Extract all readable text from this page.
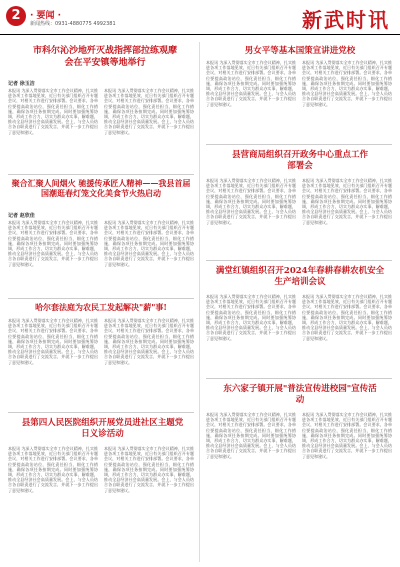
2	· 要闻 ·
新闻热线：0931-4880775 4992381	新武时讯
市科尔沁沙地歼灭战指挥部拉练观摩会在平安镇等地举行
记者 徐玉洁
本报讯 为深入贯彻落实全市工作会议精神，扎实推进各项工作落地见效，近日有关部门组织召开专题会议，对相关工作进行安排部署。会议要求，各单位要提高政治站位，强化责任担当，细化工作措施，确保各项任务按期完成。同时要加强统筹协调，形成工作合力，切实为群众办实事、解难题，推动全县经济社会高质量发展。会上，与会人员结合各自职责进行了交流发言，并就下一步工作提出了意见和建议。
本报讯 为深入贯彻落实全市工作会议精神，扎实推进各项工作落地见效，近日有关部门组织召开专题会议，对相关工作进行安排部署。会议要求，各单位要提高政治站位，强化责任担当，细化工作措施，确保各项任务按期完成。同时要加强统筹协调，形成工作合力，切实为群众办实事、解难题，推动全县经济社会高质量发展。会上，与会人员结合各自职责进行了交流发言，并就下一步工作提出了意见和建议。
聚合汇聚人间烟火 驰援传承匠人精神——我县首届国潮逛春灯笼文化美食节火热启动
记者 赵欣佳
本报讯 为深入贯彻落实全市工作会议精神，扎实推进各项工作落地见效，近日有关部门组织召开专题会议，对相关工作进行安排部署。会议要求，各单位要提高政治站位，强化责任担当，细化工作措施，确保各项任务按期完成。同时要加强统筹协调，形成工作合力，切实为群众办实事、解难题，推动全县经济社会高质量发展。会上，与会人员结合各自职责进行了交流发言，并就下一步工作提出了意见和建议。
本报讯 为深入贯彻落实全市工作会议精神，扎实推进各项工作落地见效，近日有关部门组织召开专题会议，对相关工作进行安排部署。会议要求，各单位要提高政治站位，强化责任担当，细化工作措施，确保各项任务按期完成。同时要加强统筹协调，形成工作合力，切实为群众办实事、解难题，推动全县经济社会高质量发展。会上，与会人员结合各自职责进行了交流发言，并就下一步工作提出了意见和建议。
哈尔套法庭为农民工发起解决"薪"事!
本报讯 为深入贯彻落实全市工作会议精神，扎实推进各项工作落地见效，近日有关部门组织召开专题会议，对相关工作进行安排部署。会议要求，各单位要提高政治站位，强化责任担当，细化工作措施，确保各项任务按期完成。同时要加强统筹协调，形成工作合力，切实为群众办实事、解难题，推动全县经济社会高质量发展。会上，与会人员结合各自职责进行了交流发言，并就下一步工作提出了意见和建议。
本报讯 为深入贯彻落实全市工作会议精神，扎实推进各项工作落地见效，近日有关部门组织召开专题会议，对相关工作进行安排部署。会议要求，各单位要提高政治站位，强化责任担当，细化工作措施，确保各项任务按期完成。同时要加强统筹协调，形成工作合力，切实为群众办实事、解难题，推动全县经济社会高质量发展。会上，与会人员结合各自职责进行了交流发言，并就下一步工作提出了意见和建议。
县第四人民医院组织开展党员进社区主题党日义诊活动
本报讯 为深入贯彻落实全市工作会议精神，扎实推进各项工作落地见效，近日有关部门组织召开专题会议，对相关工作进行安排部署。会议要求，各单位要提高政治站位，强化责任担当，细化工作措施，确保各项任务按期完成。同时要加强统筹协调，形成工作合力，切实为群众办实事、解难题，推动全县经济社会高质量发展。会上，与会人员结合各自职责进行了交流发言，并就下一步工作提出了意见和建议。
本报讯 为深入贯彻落实全市工作会议精神，扎实推进各项工作落地见效，近日有关部门组织召开专题会议，对相关工作进行安排部署。会议要求，各单位要提高政治站位，强化责任担当，细化工作措施，确保各项任务按期完成。同时要加强统筹协调，形成工作合力，切实为群众办实事、解难题，推动全县经济社会高质量发展。会上，与会人员结合各自职责进行了交流发言，并就下一步工作提出了意见和建议。
男女平等基本国策宣讲进党校
本报讯 为深入贯彻落实全市工作会议精神，扎实推进各项工作落地见效，近日有关部门组织召开专题会议，对相关工作进行安排部署。会议要求，各单位要提高政治站位，强化责任担当，细化工作措施，确保各项任务按期完成。同时要加强统筹协调，形成工作合力，切实为群众办实事、解难题，推动全县经济社会高质量发展。会上，与会人员结合各自职责进行了交流发言，并就下一步工作提出了意见和建议。
本报讯 为深入贯彻落实全市工作会议精神，扎实推进各项工作落地见效，近日有关部门组织召开专题会议，对相关工作进行安排部署。会议要求，各单位要提高政治站位，强化责任担当，细化工作措施，确保各项任务按期完成。同时要加强统筹协调，形成工作合力，切实为群众办实事、解难题，推动全县经济社会高质量发展。会上，与会人员结合各自职责进行了交流发言，并就下一步工作提出了意见和建议。
县营商局组织召开政务中心重点工作部署会
本报讯 为深入贯彻落实全市工作会议精神，扎实推进各项工作落地见效，近日有关部门组织召开专题会议，对相关工作进行安排部署。会议要求，各单位要提高政治站位，强化责任担当，细化工作措施，确保各项任务按期完成。同时要加强统筹协调，形成工作合力，切实为群众办实事、解难题，推动全县经济社会高质量发展。会上，与会人员结合各自职责进行了交流发言，并就下一步工作提出了意见和建议。
本报讯 为深入贯彻落实全市工作会议精神，扎实推进各项工作落地见效，近日有关部门组织召开专题会议，对相关工作进行安排部署。会议要求，各单位要提高政治站位，强化责任担当，细化工作措施，确保各项任务按期完成。同时要加强统筹协调，形成工作合力，切实为群众办实事、解难题，推动全县经济社会高质量发展。会上，与会人员结合各自职责进行了交流发言，并就下一步工作提出了意见和建议。
满堂红镇组织召开2024年春耕春耕农机安全生产培训会议
本报讯 为深入贯彻落实全市工作会议精神，扎实推进各项工作落地见效，近日有关部门组织召开专题会议，对相关工作进行安排部署。会议要求，各单位要提高政治站位，强化责任担当，细化工作措施，确保各项任务按期完成。同时要加强统筹协调，形成工作合力，切实为群众办实事、解难题，推动全县经济社会高质量发展。会上，与会人员结合各自职责进行了交流发言，并就下一步工作提出了意见和建议。
本报讯 为深入贯彻落实全市工作会议精神，扎实推进各项工作落地见效，近日有关部门组织召开专题会议，对相关工作进行安排部署。会议要求，各单位要提高政治站位，强化责任担当，细化工作措施，确保各项任务按期完成。同时要加强统筹协调，形成工作合力，切实为群众办实事、解难题，推动全县经济社会高质量发展。会上，与会人员结合各自职责进行了交流发言，并就下一步工作提出了意见和建议。
东六家子镇开展"普法宣传进校园"宣传活动
本报讯 为深入贯彻落实全市工作会议精神，扎实推进各项工作落地见效，近日有关部门组织召开专题会议，对相关工作进行安排部署。会议要求，各单位要提高政治站位，强化责任担当，细化工作措施，确保各项任务按期完成。同时要加强统筹协调，形成工作合力，切实为群众办实事、解难题，推动全县经济社会高质量发展。会上，与会人员结合各自职责进行了交流发言，并就下一步工作提出了意见和建议。
本报讯 为深入贯彻落实全市工作会议精神，扎实推进各项工作落地见效，近日有关部门组织召开专题会议，对相关工作进行安排部署。会议要求，各单位要提高政治站位，强化责任担当，细化工作措施，确保各项任务按期完成。同时要加强统筹协调，形成工作合力，切实为群众办实事、解难题，推动全县经济社会高质量发展。会上，与会人员结合各自职责进行了交流发言，并就下一步工作提出了意见和建议。
